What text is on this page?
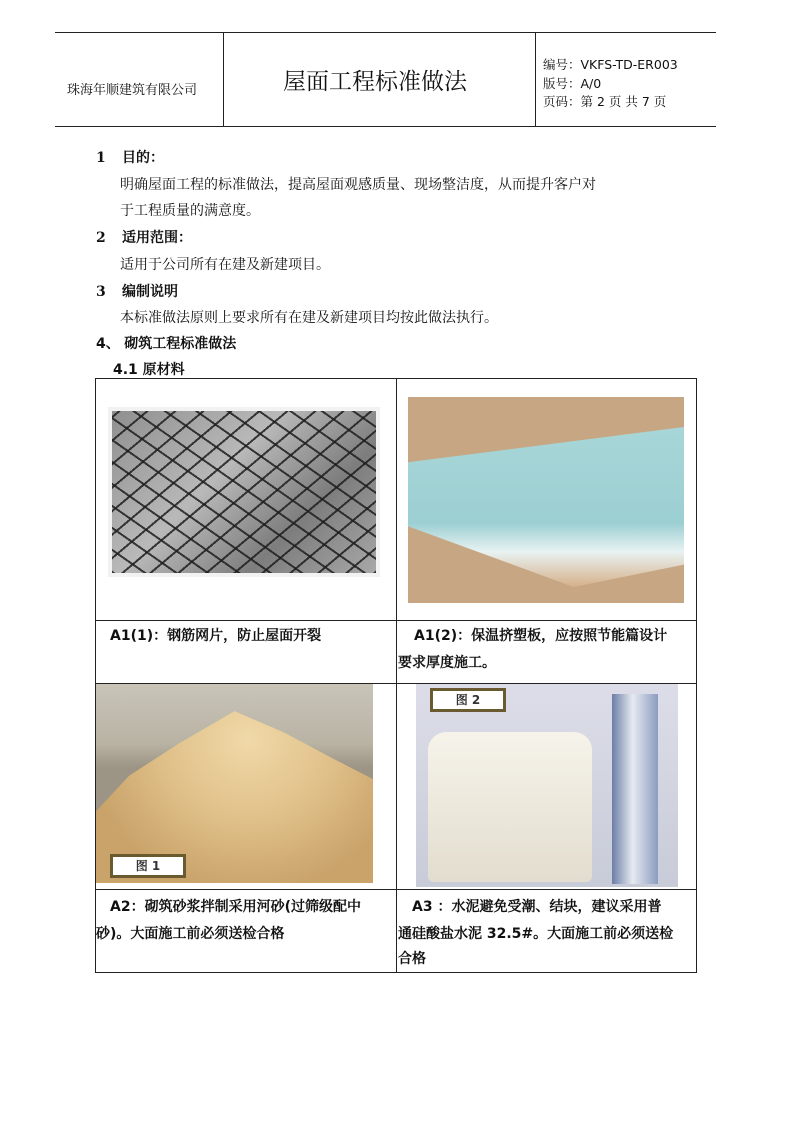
珠海年顺建筑有限公司	屋面工程标准做法
编号：VKFS-TD-ER003
版号：A/0
页码：第 2 页 共 7 页
1 目的：
明确屋面工程的标准做法，提高屋面观感质量、现场整洁度，从而提升客户对
于工程质量的满意度。
2 适用范围：
适用于公司所有在建及新建项目。
3 编制说明
本标准做法原则上要求所有在建及新建项目均按此做法执行。
4、 砌筑工程标准做法
4.1 原材料
A1(1)：钢筋网片，防止屋面开裂	A1(2)：保温挤塑板，应按照节能篇设计
要求厚度施工。
图 1
图 2
A2：砌筑砂浆拌制采用河砂(过筛级配中
砂)。大面施工前必须送检合格
A3 ：水泥避免受潮、结块，建议采用普
通硅酸盐水泥 32.5#。大面施工前必须送检
合格
